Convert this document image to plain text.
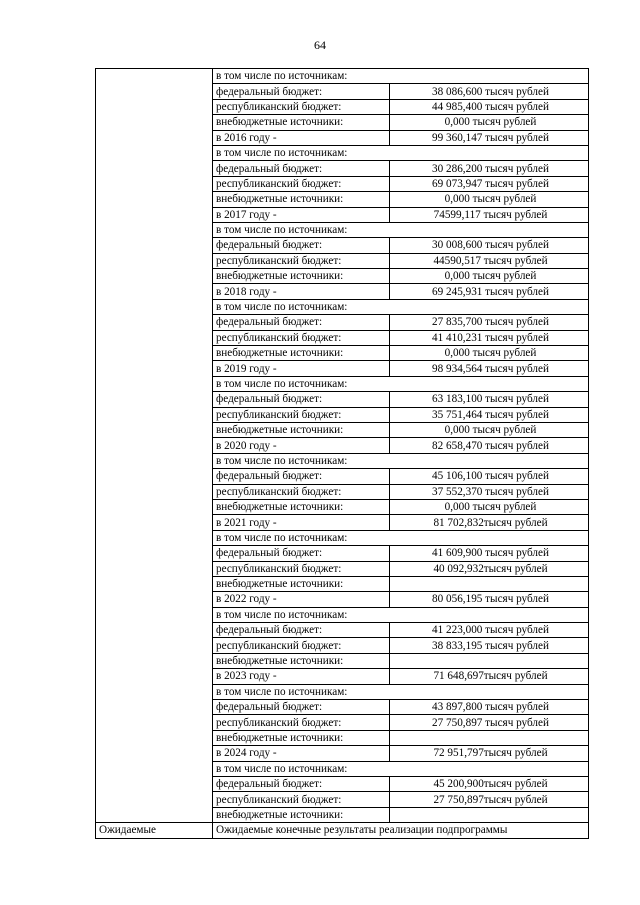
64
	в том числе по источникам:	
	федеральный бюджет:	38 086,600 тысяч рублей
	республиканский бюджет:	44 985,400 тысяч рублей
	внебюджетные источники:	0,000 тысяч рублей
	в 2016 году -	99 360,147 тысяч рублей
	в том числе по источникам:	
	федеральный бюджет:	30 286,200 тысяч рублей
	республиканский бюджет:	69 073,947 тысяч рублей
	внебюджетные источники:	0,000 тысяч рублей
	в 2017 году -	74599,117 тысяч рублей
	в том числе по источникам:	
	федеральный бюджет:	30 008,600 тысяч рублей
	республиканский бюджет:	44590,517 тысяч рублей
	внебюджетные источники:	0,000 тысяч рублей
	в 2018 году -	69 245,931 тысяч рублей
	в том числе по источникам:	
	федеральный бюджет:	27 835,700 тысяч рублей
	республиканский бюджет:	41 410,231 тысяч рублей
	внебюджетные источники:	0,000 тысяч рублей
	в 2019 году -	98 934,564 тысяч рублей
	в том числе по источникам:	
	федеральный бюджет:	63 183,100 тысяч рублей
	республиканский бюджет:	35 751,464 тысяч рублей
	внебюджетные источники:	0,000 тысяч рублей
	в 2020 году -	82 658,470 тысяч рублей
	в том числе по источникам:	
	федеральный бюджет:	45 106,100 тысяч рублей
	республиканский бюджет:	37 552,370 тысяч рублей
	внебюджетные источники:	0,000 тысяч рублей
	в 2021 году -	81 702,832тысяч рублей
	в том числе по источникам:	
	федеральный бюджет:	41 609,900 тысяч рублей
	республиканский бюджет:	40 092,932тысяч рублей
	внебюджетные источники:	
	в 2022 году -	80 056,195 тысяч рублей
	в том числе по источникам:	
	федеральный бюджет:	41 223,000 тысяч рублей
	республиканский бюджет:	38 833,195 тысяч рублей
	внебюджетные источники:	
	в 2023 году -	71 648,697тысяч рублей
	в том числе по источникам:	
	федеральный бюджет:	43 897,800 тысяч рублей
	республиканский бюджет:	27 750,897 тысяч рублей
	внебюджетные источники:	
	в 2024 году -	72 951,797тысяч рублей
	в том числе по источникам:	
	федеральный бюджет:	45 200,900тысяч рублей
	республиканский бюджет:	27 750,897тысяч рублей
	внебюджетные источники:	
Ожидаемые	Ожидаемые конечные результаты реализации подпрограммы	
